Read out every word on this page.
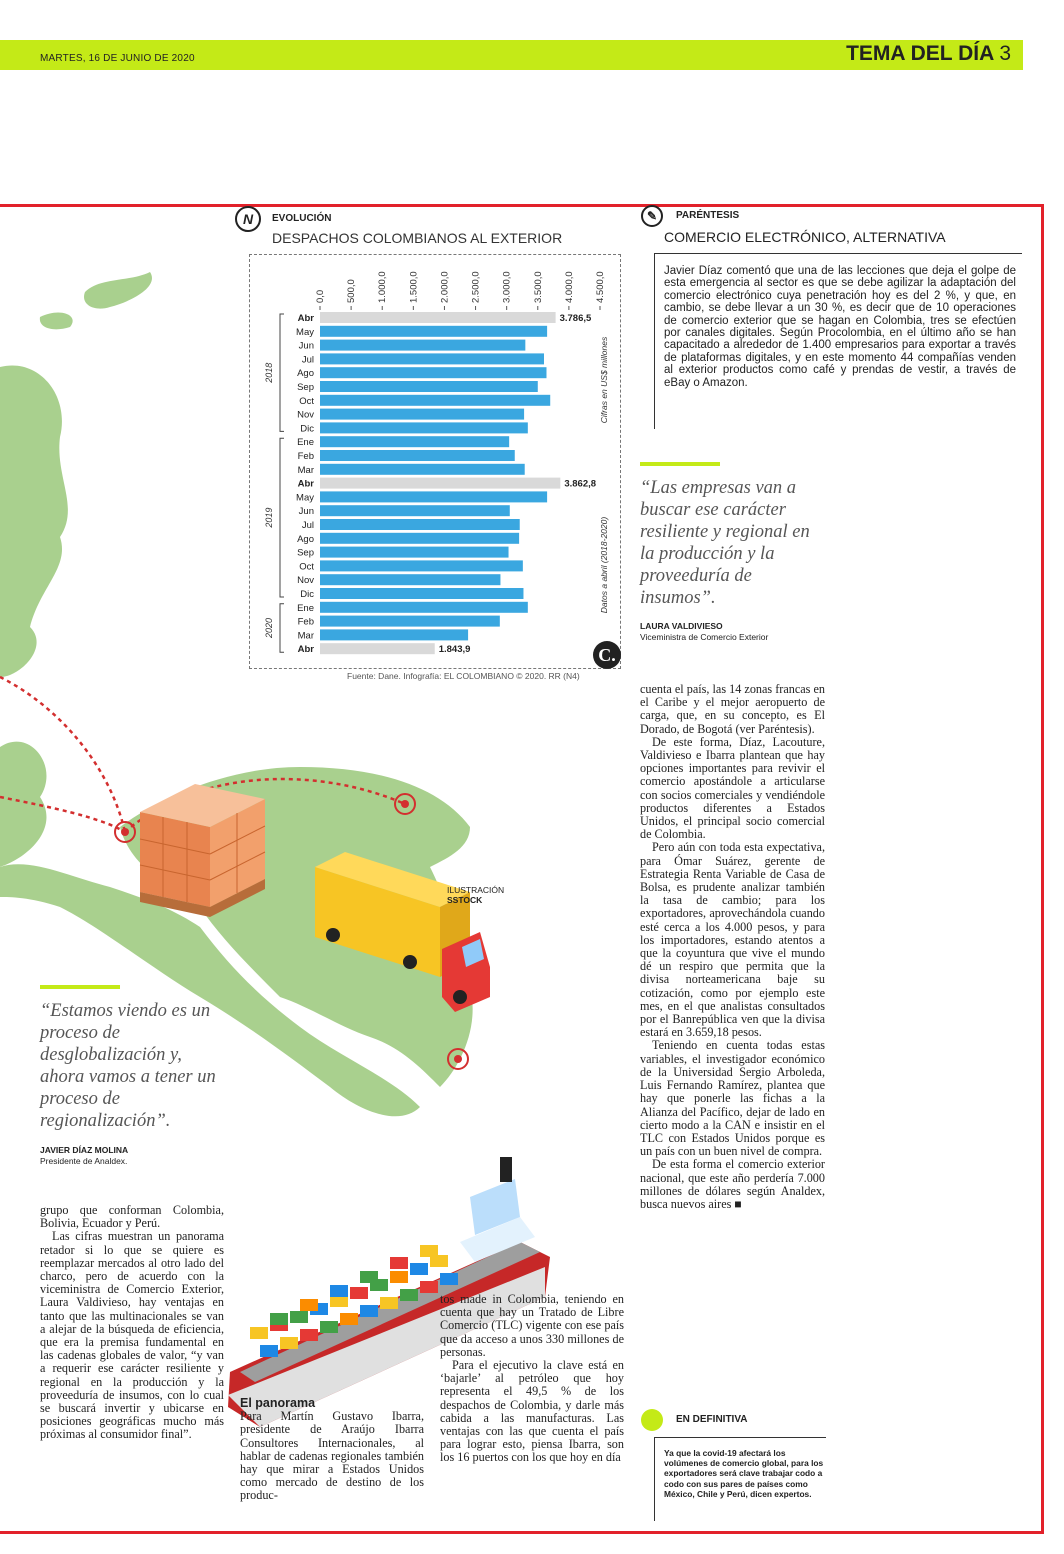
MARTES, 16 DE JUNIO DE 2020	TEMA DEL DÍA 3
ILUSTRACIÓN
SSTOCK
N	EVOLUCIÓN
DESPACHOS COLOMBIANOS AL EXTERIOR
0,0 500,0 1.000,0 1.500,0 2.000,0 2.500,0 3.000,0 3.500,0 4.000,0 4.500,0
Abr	3.786,5
May
Jun
Jul
Ago
Sep
Oct
Nov
Dic
Ene
Feb
Mar
Abr	3.862,8
May
Jun
Jul
Ago
Sep
Oct
Nov
Dic
Ene
Feb
Mar
Abr	1.843,9
2018
2019
2020
Cifras en US$ millones
Datos a abril (2018-2020)
C.
Fuente: Dane. Infografía: EL COLOMBIANO © 2020. RR (N4)
✎	PARÉNTESIS
COMERCIO ELECTRÓNICO, ALTERNATIVA
Javier Díaz comentó que una de las lecciones que deja el golpe de esta emergencia al sector es que se debe agilizar la adaptación del comercio electrónico cuya penetración hoy es del 2 %, y que, en cambio, se debe llevar a un 30 %, es decir que de 10 operaciones de comercio exterior que se hagan en Colombia, tres se efectúen por canales digitales. Según Procolombia, en el último año se han capacitado a alrededor de 1.400 empresarios para exportar a través de plataformas digitales, y en este momento 44 compañías venden al exterior productos como café y prendas de vestir, a través de eBay o Amazon.
“Las empresas van a buscar ese carácter resiliente y regional en la producción y la proveeduría de insumos”.
LAURA VALDIVIESO
Viceministra de Comercio Exterior
“Estamos viendo es un proceso de desglobalización y, ahora vamos a tener un proceso de regionalización”.
JAVIER DÍAZ MOLINA
Presidente de Analdex.

grupo que conforman Colombia, Bolivia, Ecuador y Perú.

Las cifras muestran un panorama retador si lo que se quiere es reemplazar mercados al otro lado del charco, pero de acuerdo con la viceministra de Comercio Exterior, Laura Valdivieso, hay ventajas en tanto que las multinacionales se van a alejar de la búsqueda de eficiencia, que era la premisa fundamental en las cadenas globales de valor, “y van a requerir ese carácter resiliente y regional en la producción y la proveeduría de insumos, con lo cual se buscará invertir y ubicarse en posiciones geográficas mucho más próximas al consumidor final”.

El panorama

Para Martín Gustavo Ibarra, presidente de Araújo Ibarra Consultores Internacionales, al hablar de cadenas regionales también hay que mirar a Estados Unidos como mercado de destino de los produc-

tos made in Colombia, teniendo en cuenta que hay un Tratado de Libre Comercio (TLC) vigente con ese país que da acceso a unos 330 millones de personas.

Para el ejecutivo la clave está en ‘bajarle’ al petróleo que hoy representa el 49,5 % de los despachos de Colombia, y darle más cabida a las manufacturas. Las ventajas con las que cuenta el país para lograr esto, piensa Ibarra, son los 16 puertos con los que hoy en día

cuenta el país, las 14 zonas francas en el Caribe y el mejor aeropuerto de carga, que, en su concepto, es El Dorado, de Bogotá (ver Paréntesis).

De este forma, Díaz, Lacouture, Valdivieso e Ibarra plantean que hay opciones importantes para revivir el comercio apostándole a articularse con socios comerciales y vendiéndole productos diferentes a Estados Unidos, el principal socio comercial de Colombia.

Pero aún con toda esta expectativa, para Ómar Suárez, gerente de Estrategia Renta Variable de Casa de Bolsa, es prudente analizar también la tasa de cambio; para los exportadores, aprovechándola cuando esté cerca a los 4.000 pesos, y para los importadores, estando atentos a que la coyuntura que vive el mundo dé un respiro que permita que la divisa norteamericana baje su cotización, como por ejemplo este mes, en el que analistas consultados por el Banrepública ven que la divisa estará en 3.659,18 pesos.

Teniendo en cuenta todas estas variables, el investigador económico de la Universidad Sergio Arboleda, Luis Fernando Ramírez, plantea que hay que ponerle las fichas a la Alianza del Pacífico, dejar de lado en cierto modo a la CAN e insistir en el TLC con Estados Unidos porque es un país con un buen nivel de compra.

De esta forma el comercio exterior nacional, que este año perdería 7.000 millones de dólares según Analdex, busca nuevos aires ■

EN DEFINITIVA
Ya que la covid-19 afectará los volúmenes de comercio global, para los exportadores será clave trabajar codo a codo con sus pares de países como México, Chile y Perú, dicen expertos.
